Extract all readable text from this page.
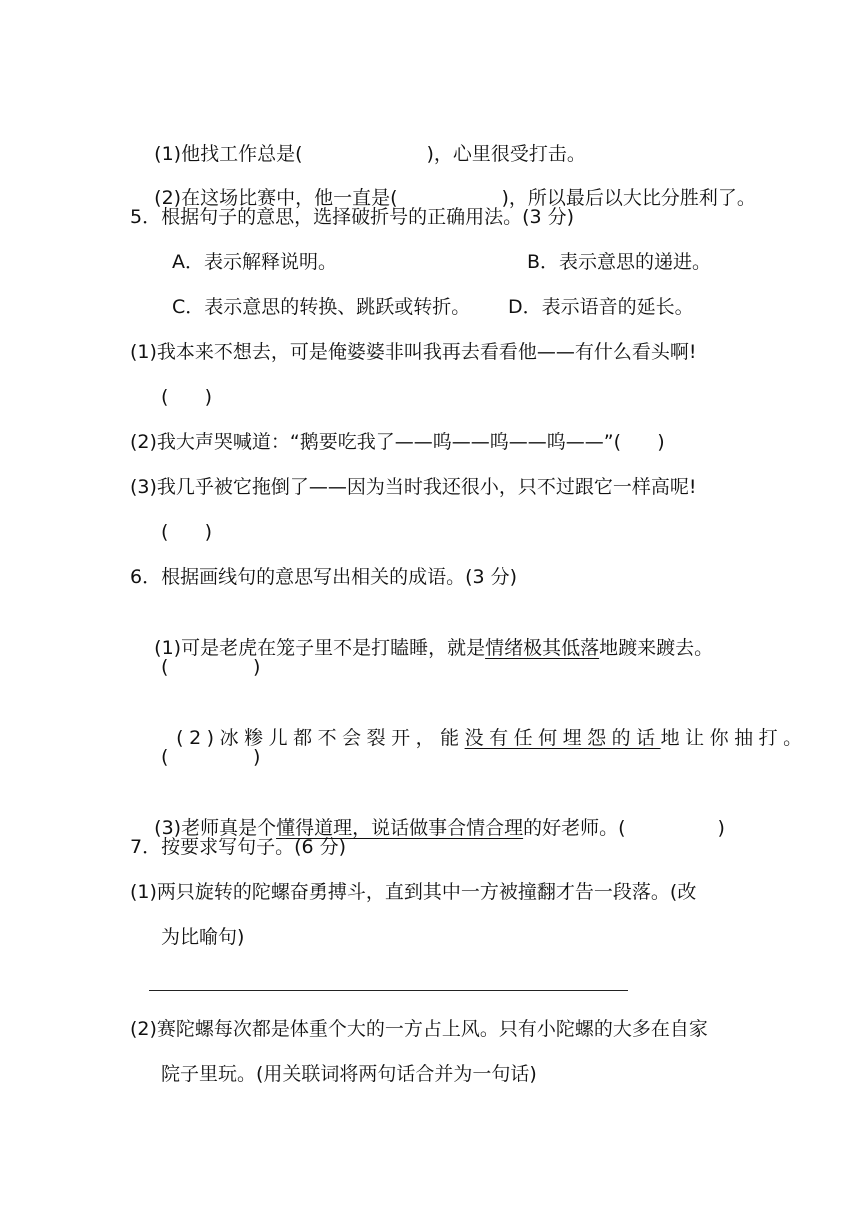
(1)他找工作总是(	)，心里很受打击。

(2)在这场比赛中，他一直是(	)，所以最后以大比分胜利了。

5．根据句子的意思，选择破折号的正确用法。(3 分)
A．表示解释说明。	B．表示意思的递进。
C．表示意思的转换、跳跃或转折。 D．表示语音的延长。
(1)我本来不想去，可是俺婆婆非叫我再去看看他——有什么看头啊!
(      )
(2)我大声哭喊道：“鹅要吃我了——呜——呜——呜——”(      )
(3)我几乎被它拖倒了——因为当时我还很小，只不过跟它一样高呢!
(      )
6．根据画线句的意思写出相关的成语。(3 分)

(1)可是老虎在笼子里不是打瞌睡，就是情绪极其低落地踱来踱去。

(              )

(2)冰糁儿都不会裂开，能没有任何埋怨的话地让你抽打。

(              )

(3)老师真是个懂得道理，说话做事合情合理的好老师。(	)

7．按要求写句子。(6 分)
(1)两只旋转的陀螺奋勇搏斗，直到其中一方被撞翻才告一段落。(改
为比喻句)
(2)赛陀螺每次都是体重个大的一方占上风。只有小陀螺的大多在自家
院子里玩。(用关联词将两句话合并为一句话)
